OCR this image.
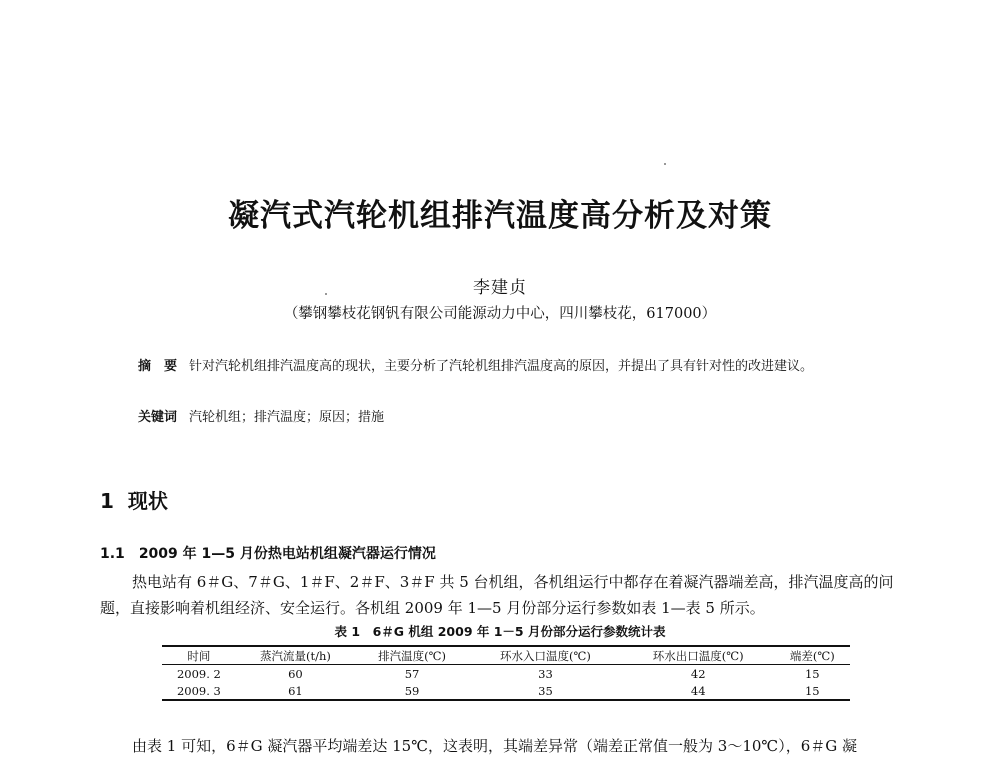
凝汽式汽轮机组排汽温度高分析及对策
李建贞
（攀钢攀枝花钢钒有限公司能源动力中心，四川攀枝花，617000）
摘　要 针对汽轮机组排汽温度高的现状，主要分析了汽轮机组排汽温度高的原因，并提出了具有针对性的改进建议。
关键词 汽轮机组；排汽温度；原因；措施
1 现状
1.1 2009 年 1—5 月份热电站机组凝汽器运行情况
热电站有 6＃G、7＃G、1＃F、2＃F、3＃F 共 5 台机组，各机组运行中都存在着凝汽器端差高，排汽温度高的问题，直接影响着机组经济、安全运行。各机组 2009 年 1—5 月份部分运行参数如表 1—表 5 所示。
表 1　6＃G 机组 2009 年 1－5 月份部分运行参数统计表
时间	蒸汽流量(t/h)	排汽温度(℃)	环水入口温度(℃)	环水出口温度(℃)	端差(℃)
2009. 2	60	57	33	42	15
2009. 3	61	59	35	44	15
由表 1 可知，6＃G 凝汽器平均端差达 15℃，这表明，其端差异常（端差正常值一般为 3～10℃），6＃G 凝
